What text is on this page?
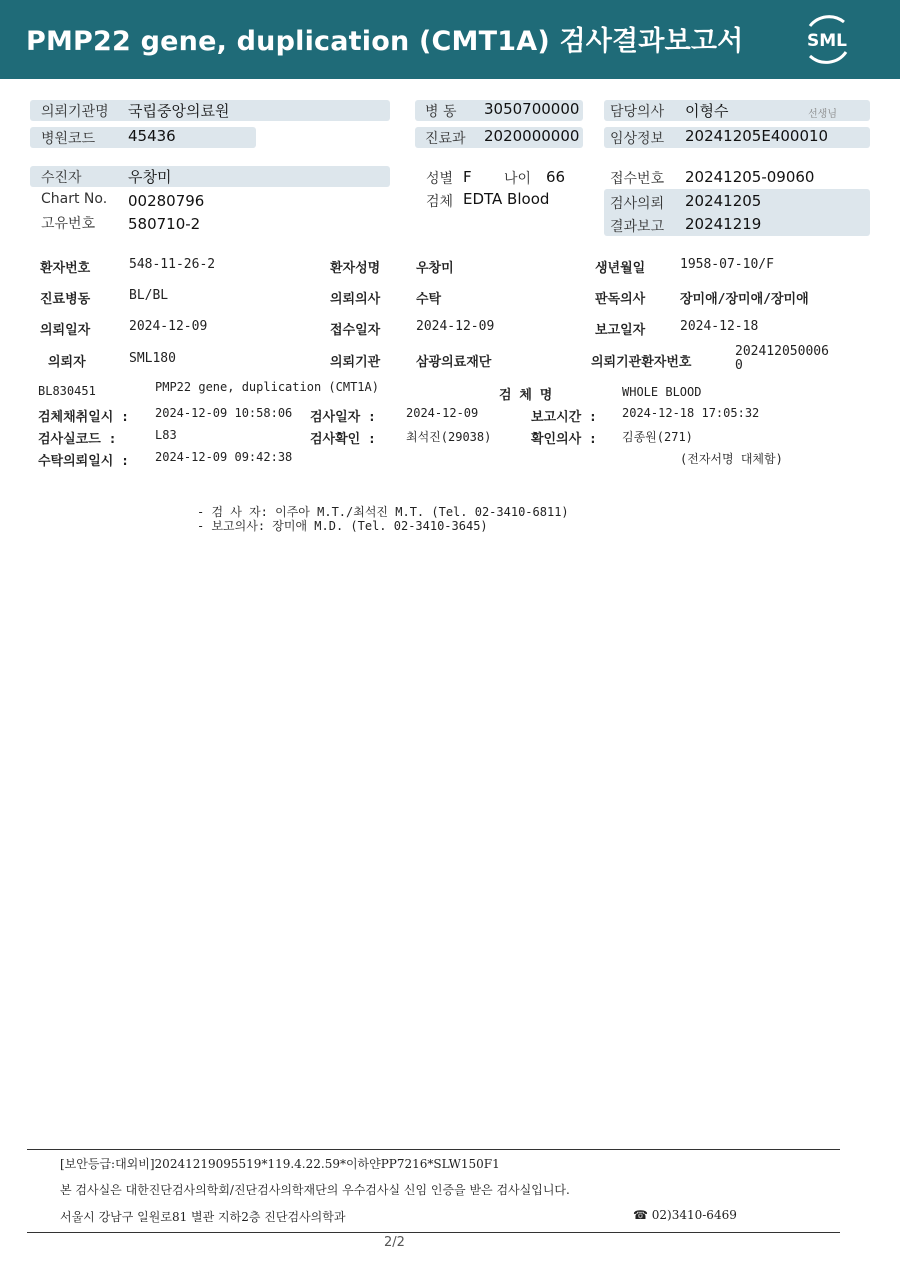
PMP22 gene, duplication (CMT1A) 검사결과보고서	SML
의뢰기관명 국립중앙의료원
병원코드 45436
병 동 3050700000
진료과 2020000000
담당의사 이형수	선생님
임상정보 20241205E400010
수진자	우창미
Chart No. 00280796
고유번호 580710-2
성별 F 나이 66
검체 EDTA Blood
접수번호 20241205-09060
검사의뢰 20241205
결과보고 20241219
환자번호	548-11-26-2	환자성명	우창미	생년월일	1958-07-10/F
진료병동	BL/BL	의뢰의사	수탁	판독의사	장미애/장미애/장미애
의뢰일자	2024-12-09	접수일자	2024-12-09	보고일자	2024-12-18
의뢰자	SML180	의뢰기관	삼광의료재단	의뢰기관환자번호
202412050006
0
BL830451	PMP22 gene, duplication (CMT1A)
검 체 명	WHOLE BLOOD
검체채취일시 : 2024-12-09 10:58:06 검사일자 :	2024-12-09	보고시간 : 2024-12-18 17:05:32
검사실코드 :	L83	검사확인 :	최석진(29038)	확인의사 : 김종원(271)
수탁의뢰일시 : 2024-12-09 09:42:38	(전자서명 대체함)
- 검 사 자: 이주아 M.T./최석진 M.T. (Tel. 02-3410-6811)
- 보고의사: 장미애 M.D. (Tel. 02-3410-3645)
[보안등급:대외비]20241219095519*119.4.22.59*이하얀PP7216*SLW150F1
본 검사실은 대한진단검사의학회/진단검사의학재단의 우수검사실 신임 인증을 받은 검사실입니다.
서울시 강남구 일원로81 별관 지하2층 진단검사의학과	☎ 02)3410-6469
2/2
